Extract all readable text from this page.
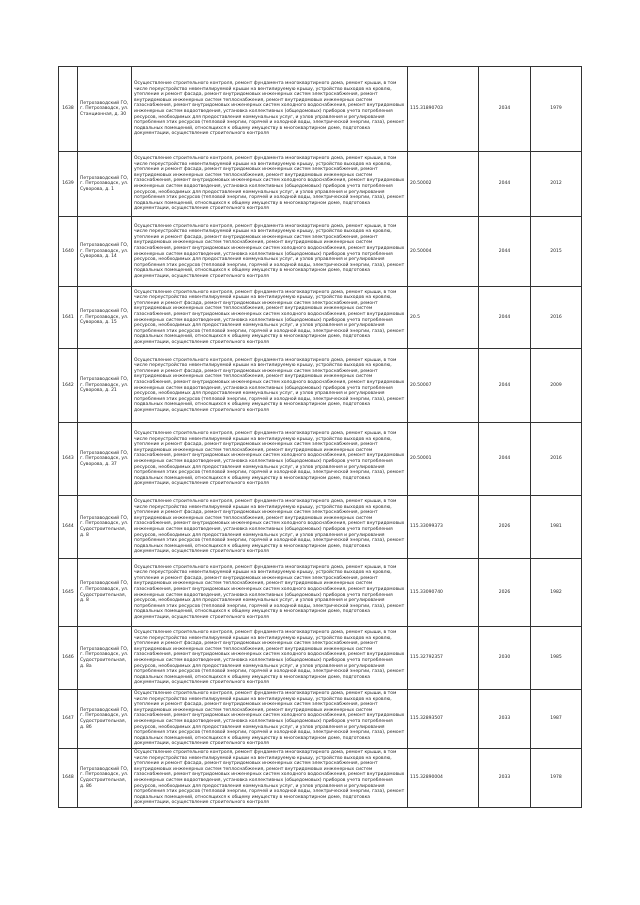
1638	Петрозаводский ГО, г. Петрозаводск, ул. Станционная, д. 30	Осуществление строительного контроля, ремонт фундамента многоквартирного дома, ремонт крыши, в том числе переустройство невентилируемой крыши на вентилируемую крышу, устройство выходов на кровлю, утепление и ремонт фасада, ремонт внутридомовых инженерных систем электроснабжения, ремонт внутридомовых инженерных систем теплоснабжения, ремонт внутридомовых инженерных систем газоснабжения, ремонт внутридомовых инженерных систем холодного водоснабжения, ремонт внутридомовых инженерных систем водоотведения, установка коллективных (общедомовых) приборов учета потребления ресурсов, необходимых для предоставления коммунальных услуг, и узлов управления и регулирования потребления этих ресурсов (тепловой энергии, горячей и холодной воды, электрической энергии, газа), ремонт подвальных помещений, относящихся к общему имуществу в многоквартирном доме, подготовка документации, осуществление строительного контроля	115.31890703	2034	1979
1639	Петрозаводский ГО, г. Петрозаводск, ул. Суворова, д. 1	Осуществление строительного контроля, ремонт фундамента многоквартирного дома, ремонт крыши, в том числе переустройство невентилируемой крыши на вентилируемую крышу, устройство выходов на кровлю, утепление и ремонт фасада, ремонт внутридомовых инженерных систем электроснабжения, ремонт внутридомовых инженерных систем теплоснабжения, ремонт внутридомовых инженерных систем газоснабжения, ремонт внутридомовых инженерных систем холодного водоснабжения, ремонт внутридомовых инженерных систем водоотведения, установка коллективных (общедомовых) приборов учета потребления ресурсов, необходимых для предоставления коммунальных услуг, и узлов управления и регулирования потребления этих ресурсов (тепловой энергии, горячей и холодной воды, электрической энергии, газа), ремонт подвальных помещений, относящихся к общему имуществу в многоквартирном доме, подготовка документации, осуществление строительного контроля	20.50002	2044	2012
1640	Петрозаводский ГО, г. Петрозаводск, ул. Суворова, д. 14	Осуществление строительного контроля, ремонт фундамента многоквартирного дома, ремонт крыши, в том числе переустройство невентилируемой крыши на вентилируемую крышу, устройство выходов на кровлю, утепление и ремонт фасада, ремонт внутридомовых инженерных систем электроснабжения, ремонт внутридомовых инженерных систем теплоснабжения, ремонт внутридомовых инженерных систем газоснабжения, ремонт внутридомовых инженерных систем холодного водоснабжения, ремонт внутридомовых инженерных систем водоотведения, установка коллективных (общедомовых) приборов учета потребления ресурсов, необходимых для предоставления коммунальных услуг, и узлов управления и регулирования потребления этих ресурсов (тепловой энергии, горячей и холодной воды, электрической энергии, газа), ремонт подвальных помещений, относящихся к общему имуществу в многоквартирном доме, подготовка документации, осуществление строительного контроля	20.50004	2044	2015
1641	Петрозаводский ГО, г. Петрозаводск, ул. Суворова, д. 15	Осуществление строительного контроля, ремонт фундамента многоквартирного дома, ремонт крыши, в том числе переустройство невентилируемой крыши на вентилируемую крышу, устройство выходов на кровлю, утепление и ремонт фасада, ремонт внутридомовых инженерных систем электроснабжения, ремонт внутридомовых инженерных систем теплоснабжения, ремонт внутридомовых инженерных систем газоснабжения, ремонт внутридомовых инженерных систем холодного водоснабжения, ремонт внутридомовых инженерных систем водоотведения, установка коллективных (общедомовых) приборов учета потребления ресурсов, необходимых для предоставления коммунальных услуг, и узлов управления и регулирования потребления этих ресурсов (тепловой энергии, горячей и холодной воды, электрической энергии, газа), ремонт подвальных помещений, относящихся к общему имуществу в многоквартирном доме, подготовка документации, осуществление строительного контроля	20.5	2044	2016
1642	Петрозаводский ГО, г. Петрозаводск, ул. Суворова, д. 21	Осуществление строительного контроля, ремонт фундамента многоквартирного дома, ремонт крыши, в том числе переустройство невентилируемой крыши на вентилируемую крышу, устройство выходов на кровлю, утепление и ремонт фасада, ремонт внутридомовых инженерных систем электроснабжения, ремонт внутридомовых инженерных систем теплоснабжения, ремонт внутридомовых инженерных систем газоснабжения, ремонт внутридомовых инженерных систем холодного водоснабжения, ремонт внутридомовых инженерных систем водоотведения, установка коллективных (общедомовых) приборов учета потребления ресурсов, необходимых для предоставления коммунальных услуг, и узлов управления и регулирования потребления этих ресурсов (тепловой энергии, горячей и холодной воды, электрической энергии, газа), ремонт подвальных помещений, относящихся к общему имуществу в многоквартирном доме, подготовка документации, осуществление строительного контроля	20.50007	2044	2009
1643	Петрозаводский ГО, г. Петрозаводск, ул. Суворова, д. 37	Осуществление строительного контроля, ремонт фундамента многоквартирного дома, ремонт крыши, в том числе переустройство невентилируемой крыши на вентилируемую крышу, устройство выходов на кровлю, утепление и ремонт фасада, ремонт внутридомовых инженерных систем электроснабжения, ремонт внутридомовых инженерных систем теплоснабжения, ремонт внутридомовых инженерных систем газоснабжения, ремонт внутридомовых инженерных систем холодного водоснабжения, ремонт внутридомовых инженерных систем водоотведения, установка коллективных (общедомовых) приборов учета потребления ресурсов, необходимых для предоставления коммунальных услуг, и узлов управления и регулирования потребления этих ресурсов (тепловой энергии, горячей и холодной воды, электрической энергии, газа), ремонт подвальных помещений, относящихся к общему имуществу в многоквартирном доме, подготовка документации, осуществление строительного контроля	20.50001	2044	2016
1644	Петрозаводский ГО, г. Петрозаводск, ул. Судостроительная, д. 8	Осуществление строительного контроля, ремонт фундамента многоквартирного дома, ремонт крыши, в том числе переустройство невентилируемой крыши на вентилируемую крышу, устройство выходов на кровлю, утепление и ремонт фасада, ремонт внутридомовых инженерных систем электроснабжения, ремонт внутридомовых инженерных систем теплоснабжения, ремонт внутридомовых инженерных систем газоснабжения, ремонт внутридомовых инженерных систем холодного водоснабжения, ремонт внутридомовых инженерных систем водоотведения, установка коллективных (общедомовых) приборов учета потребления ресурсов, необходимых для предоставления коммунальных услуг, и узлов управления и регулирования потребления этих ресурсов (тепловой энергии, горячей и холодной воды, электрической энергии, газа), ремонт подвальных помещений, относящихся к общему имуществу в многоквартирном доме, подготовка документации, осуществление строительного контроля	115.33099373	2026	1981
1645	Петрозаводский ГО, г. Петрозаводск, ул. Судостроительная, д. 8	Осуществление строительного контроля, ремонт фундамента многоквартирного дома, ремонт крыши, в том числе переустройство невентилируемой крыши на вентилируемую крышу, устройство выходов на кровлю, утепление и ремонт фасада, ремонт внутридомовых инженерных систем электроснабжения, ремонт внутридомовых инженерных систем теплоснабжения, ремонт внутридомовых инженерных систем газоснабжения, ремонт внутридомовых инженерных систем холодного водоснабжения, ремонт внутридомовых инженерных систем водоотведения, установка коллективных (общедомовых) приборов учета потребления ресурсов, необходимых для предоставления коммунальных услуг, и узлов управления и регулирования потребления этих ресурсов (тепловой энергии, горячей и холодной воды, электрической энергии, газа), ремонт подвальных помещений, относящихся к общему имуществу в многоквартирном доме, подготовка документации, осуществление строительного контроля	115.33090740	2026	1982
1646	Петрозаводский ГО, г. Петрозаводск, ул. Судостроительная, д. 8а	Осуществление строительного контроля, ремонт фундамента многоквартирного дома, ремонт крыши, в том числе переустройство невентилируемой крыши на вентилируемую крышу, устройство выходов на кровлю, утепление и ремонт фасада, ремонт внутридомовых инженерных систем электроснабжения, ремонт внутридомовых инженерных систем теплоснабжения, ремонт внутридомовых инженерных систем газоснабжения, ремонт внутридомовых инженерных систем холодного водоснабжения, ремонт внутридомовых инженерных систем водоотведения, установка коллективных (общедомовых) приборов учета потребления ресурсов, необходимых для предоставления коммунальных услуг, и узлов управления и регулирования потребления этих ресурсов (тепловой энергии, горячей и холодной воды, электрической энергии, газа), ремонт подвальных помещений, относящихся к общему имуществу в многоквартирном доме, подготовка документации, осуществление строительного контроля	115.32792357	2030	1985
1647	Петрозаводский ГО, г. Петрозаводск, ул. Судостроительная, д. 8б	Осуществление строительного контроля, ремонт фундамента многоквартирного дома, ремонт крыши, в том числе переустройство невентилируемой крыши на вентилируемую крышу, устройство выходов на кровлю, утепление и ремонт фасада, ремонт внутридомовых инженерных систем электроснабжения, ремонт внутридомовых инженерных систем теплоснабжения, ремонт внутридомовых инженерных систем газоснабжения, ремонт внутридомовых инженерных систем холодного водоснабжения, ремонт внутридомовых инженерных систем водоотведения, установка коллективных (общедомовых) приборов учета потребления ресурсов, необходимых для предоставления коммунальных услуг, и узлов управления и регулирования потребления этих ресурсов (тепловой энергии, горячей и холодной воды, электрической энергии, газа), ремонт подвальных помещений, относящихся к общему имуществу в многоквартирном доме, подготовка документации, осуществление строительного контроля	115.32893507	2033	1987
1648	Петрозаводский ГО, г. Петрозаводск, ул. Судостроительная, д. 8б	Осуществление строительного контроля, ремонт фундамента многоквартирного дома, ремонт крыши, в том числе переустройство невентилируемой крыши на вентилируемую крышу, устройство выходов на кровлю, утепление и ремонт фасада, ремонт внутридомовых инженерных систем электроснабжения, ремонт внутридомовых инженерных систем теплоснабжения, ремонт внутридомовых инженерных систем газоснабжения, ремонт внутридомовых инженерных систем холодного водоснабжения, ремонт внутридомовых инженерных систем водоотведения, установка коллективных (общедомовых) приборов учета потребления ресурсов, необходимых для предоставления коммунальных услуг, и узлов управления и регулирования потребления этих ресурсов (тепловой энергии, горячей и холодной воды, электрической энергии, газа), ремонт подвальных помещений, относящихся к общему имуществу в многоквартирном доме, подготовка документации, осуществление строительного контроля	115.32890004	2033	1978
